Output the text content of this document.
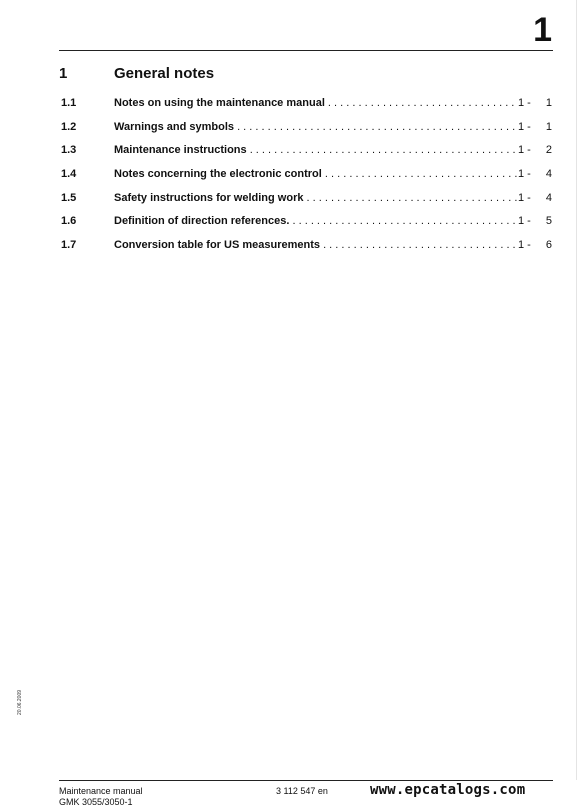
1
1	General notes
1.1	Notes on using the maintenance manual . . .	1 -	1
1.2	Warnings and symbols . . .	1 -	1
1.3	Maintenance instructions . . .	1 -	2
1.4	Notes concerning the electronic control . . .	1 -	4
1.5	Safety instructions for welding work . . .	1 -	4
1.6	Definition of direction references. . . .	1 -	5
1.7	Conversion table for US measurements . . .	1 -	6
20.06.2009
Maintenance manual
GMK 3055/3050-1
3 112 547 en	www.epcatalogs.com
